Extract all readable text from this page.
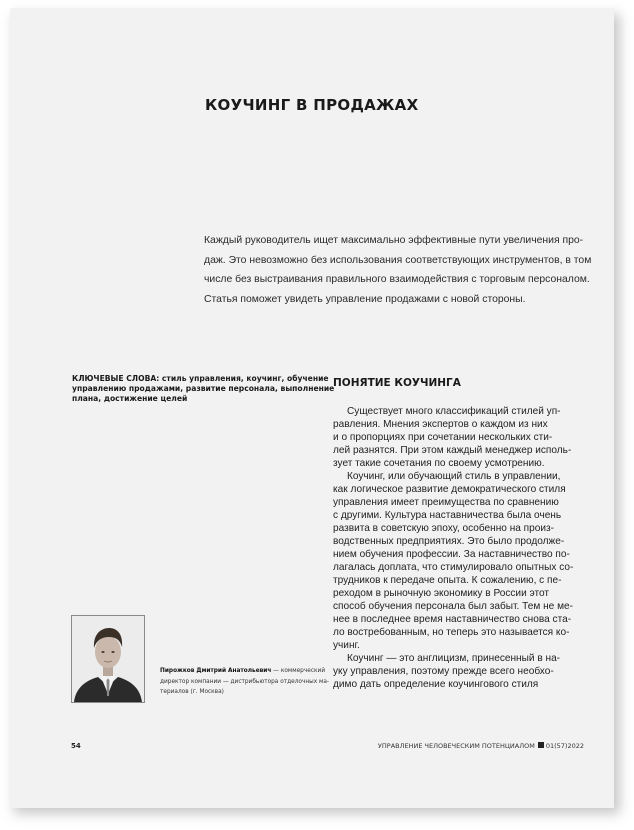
КОУЧИНГ В ПРОДАЖАХ
Каждый руководитель ищет максимально эффективные пути увеличения про-
даж. Это невозможно без использования соответствующих инструментов, в том
числе без выстраивания правильного взаимодействия с торговым персоналом.
Статья поможет увидеть управление продажами с новой стороны.
КЛЮЧЕВЫЕ СЛОВА: стиль управления, коучинг, обучение
управлению продажами, развитие персонала, выполнение
плана, достижение целей
ПОНЯТИЕ КОУЧИНГА
Существует много классификаций стилей уп-
равления. Мнения экспертов о каждом из них
и о пропорциях при сочетании нескольких сти-
лей разнятся. При этом каждый менеджер исполь-
зует такие сочетания по своему усмотрению.
Коучинг, или обучающий стиль в управлении,
как логическое развитие демократического стиля
управления имеет преимущества по сравнению
с другими. Культура наставничества была очень
развита в советскую эпоху, особенно на произ-
водственных предприятиях. Это было продолже-
нием обучения профессии. За наставничество по-
лагалась доплата, что стимулировало опытных со-
трудников к передаче опыта. К сожалению, с пе-
реходом в рыночную экономику в России этот
способ обучения персонала был забыт. Тем не ме-
нее в последнее время наставничество снова ста-
ло востребованным, но теперь это называется ко-
учинг.
Коучинг — это англицизм, принесенный в на-
уку управления, поэтому прежде всего необхо-
димо дать определение коучингового стиля
Пирожков Дмитрий Анатольевич — коммерческий
директор компании — дистрибьютора отделочных ма-
териалов (г. Москва)
54	УПРАВЛЕНИЕ ЧЕЛОВЕЧЕСКИМ ПОТЕНЦИАЛОМ 01(57)2022
